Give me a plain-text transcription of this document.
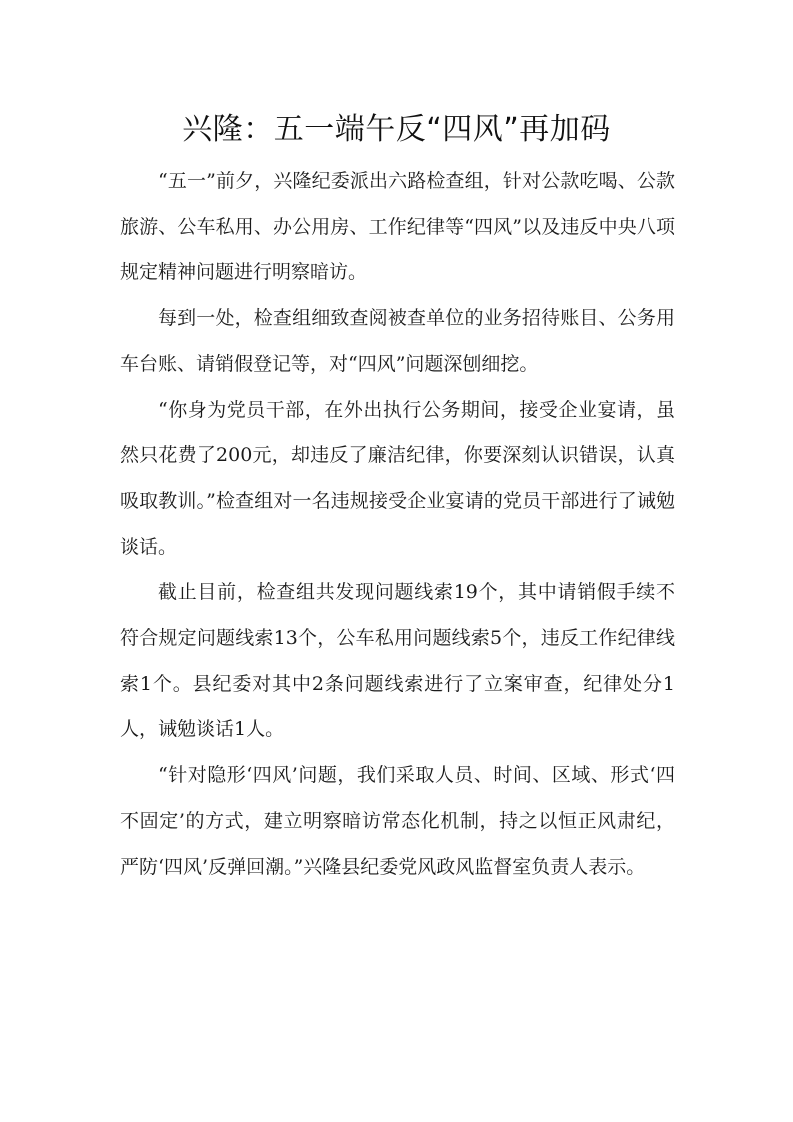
兴隆：五一端午反“四风”再加码

“五一”前夕，兴隆纪委派出六路检查组，针对公款吃喝、公款旅游、公车私用、办公用房、工作纪律等“四风”以及违反中央八项规定精神问题进行明察暗访。

每到一处，检查组细致查阅被查单位的业务招待账目、公务用车台账、请销假登记等，对“四风”问题深刨细挖。

“你身为党员干部，在外出执行公务期间，接受企业宴请，虽然只花费了200元，却违反了廉洁纪律，你要深刻认识错误，认真吸取教训。”检查组对一名违规接受企业宴请的党员干部进行了诫勉谈话。

截止目前，检查组共发现问题线索19个，其中请销假手续不符合规定问题线索13个，公车私用问题线索5个，违反工作纪律线索1个。县纪委对其中2条问题线索进行了立案审查，纪律处分1人，诫勉谈话1人。

“针对隐形‘四风’问题，我们采取人员、时间、区域、形式‘四不固定’的方式，建立明察暗访常态化机制，持之以恒正风肃纪，严防‘四风’反弹回潮。”兴隆县纪委党风政风监督室负责人表示。
